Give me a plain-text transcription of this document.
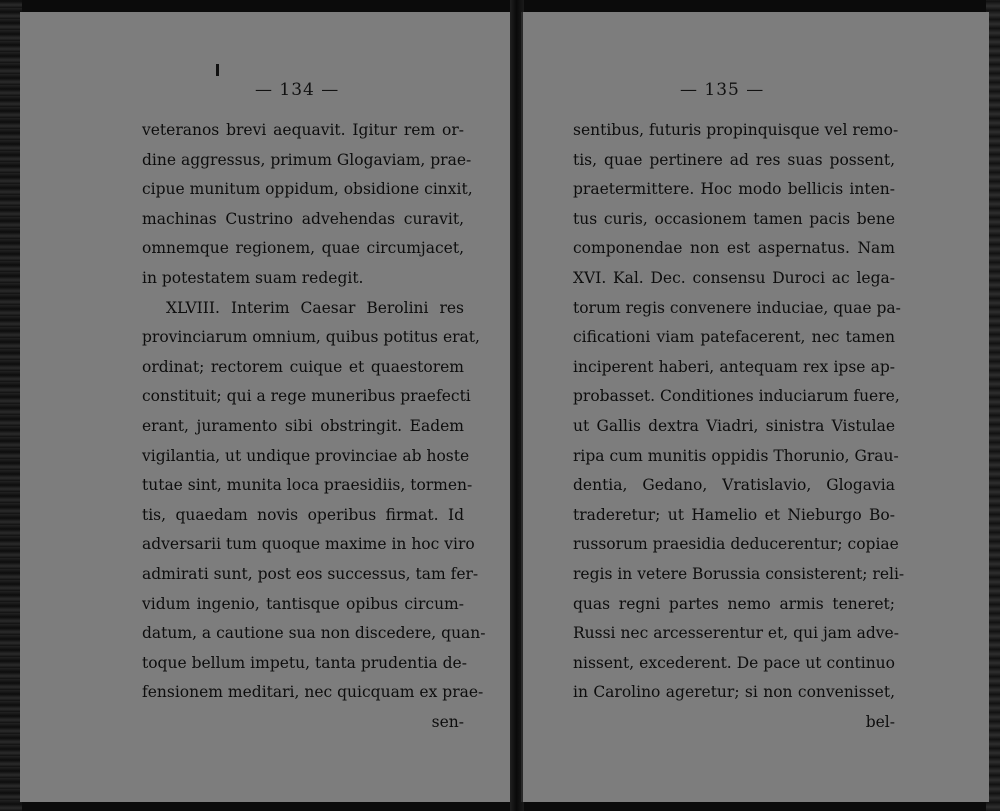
— 134 —
veteranos brevi aequavit. Igitur rem or-
dine aggressus, primum Glogaviam, prae-
cipue munitum oppidum, obsidione cinxit,
machinas Custrino advehendas curavit,
omnemque regionem, quae circumjacet,
in potestatem suam redegit.
XLVIII. Interim Caesar Berolini res
provinciarum omnium, quibus potitus erat,
ordinat; rectorem cuique et quaestorem
constituit; qui a rege muneribus praefecti
erant, juramento sibi obstringit. Eadem
vigilantia, ut undique provinciae ab hoste
tutae sint, munita loca praesidiis, tormen-
tis, quaedam novis operibus firmat. Id
adversarii tum quoque maxime in hoc viro
admirati sunt, post eos successus, tam fer-
vidum ingenio, tantisque opibus circum-
datum, a cautione sua non discedere, quan-
toque bellum impetu, tanta prudentia de-
fensionem meditari, nec quicquam ex prae-
sen-
— 135 —
sentibus, futuris propinquisque vel remo-
tis, quae pertinere ad res suas possent,
praetermittere. Hoc modo bellicis inten-
tus curis, occasionem tamen pacis bene
componendae non est aspernatus. Nam
XVI. Kal. Dec. consensu Duroci ac lega-
torum regis convenere induciae, quae pa-
cificationi viam patefacerent, nec tamen
inciperent haberi, antequam rex ipse ap-
probasset. Conditiones induciarum fuere,
ut Gallis dextra Viadri, sinistra Vistulae
ripa cum munitis oppidis Thorunio, Grau-
dentia, Gedano, Vratislavio, Glogavia
traderetur; ut Hamelio et Nieburgo Bo-
russorum praesidia deducerentur; copiae
regis in vetere Borussia consisterent; reli-
quas regni partes nemo armis teneret;
Russi nec arcesserentur et, qui jam adve-
nissent, excederent. De pace ut continuo
in Carolino ageretur; si non convenisset,
bel-
